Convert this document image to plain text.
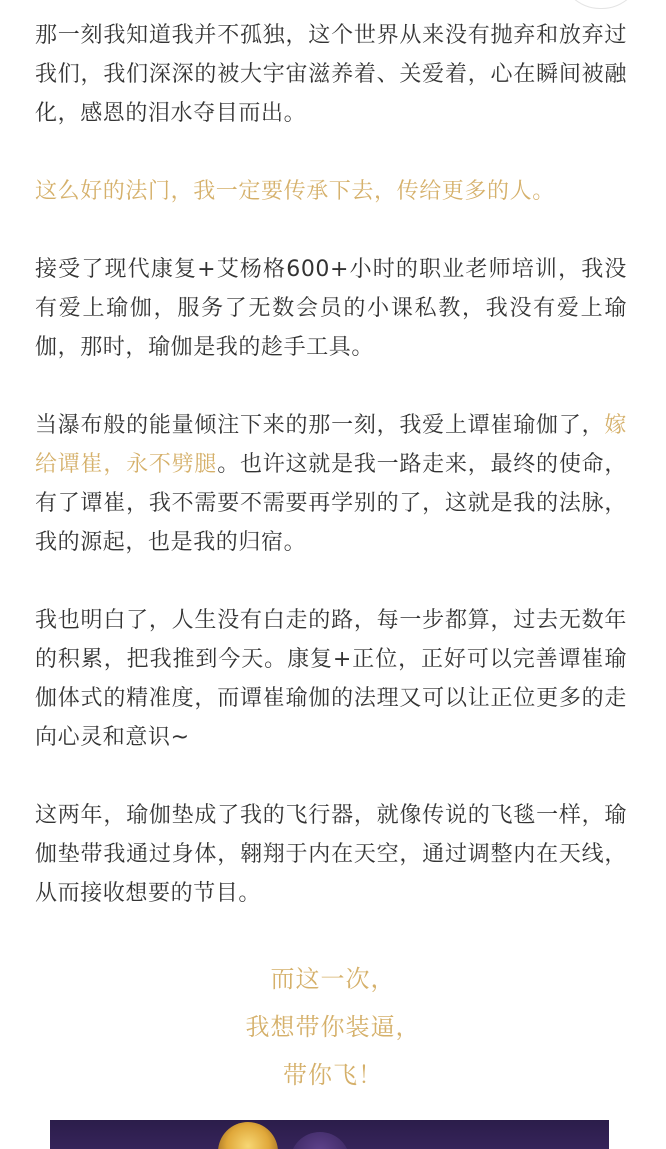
那一刻我知道我并不孤独，这个世界从来没有抛弃和放弃过我们，我们深深的被大宇宙滋养着、关爱着，心在瞬间被融化，感恩的泪水夺目而出。

这么好的法门，我一定要传承下去，传给更多的人。

接受了现代康复+艾杨格600+小时的职业老师培训，我没有爱上瑜伽，服务了无数会员的小课私教，我没有爱上瑜伽，那时，瑜伽是我的趁手工具。

当瀑布般的能量倾注下来的那一刻，我爱上谭崔瑜伽了，嫁给谭崔，永不劈腿。也许这就是我一路走来，最终的使命，有了谭崔，我不需要不需要再学别的了，这就是我的法脉，我的源起，也是我的归宿。

我也明白了，人生没有白走的路，每一步都算，过去无数年的积累，把我推到今天。康复+正位，正好可以完善谭崔瑜伽体式的精准度，而谭崔瑜伽的法理又可以让正位更多的走向心灵和意识~

这两年，瑜伽垫成了我的飞行器，就像传说的飞毯一样，瑜伽垫带我通过身体，翱翔于内在天空，通过调整内在天线，从而接收想要的节目。

而这一次，
我想带你装逼，
带你飞！
